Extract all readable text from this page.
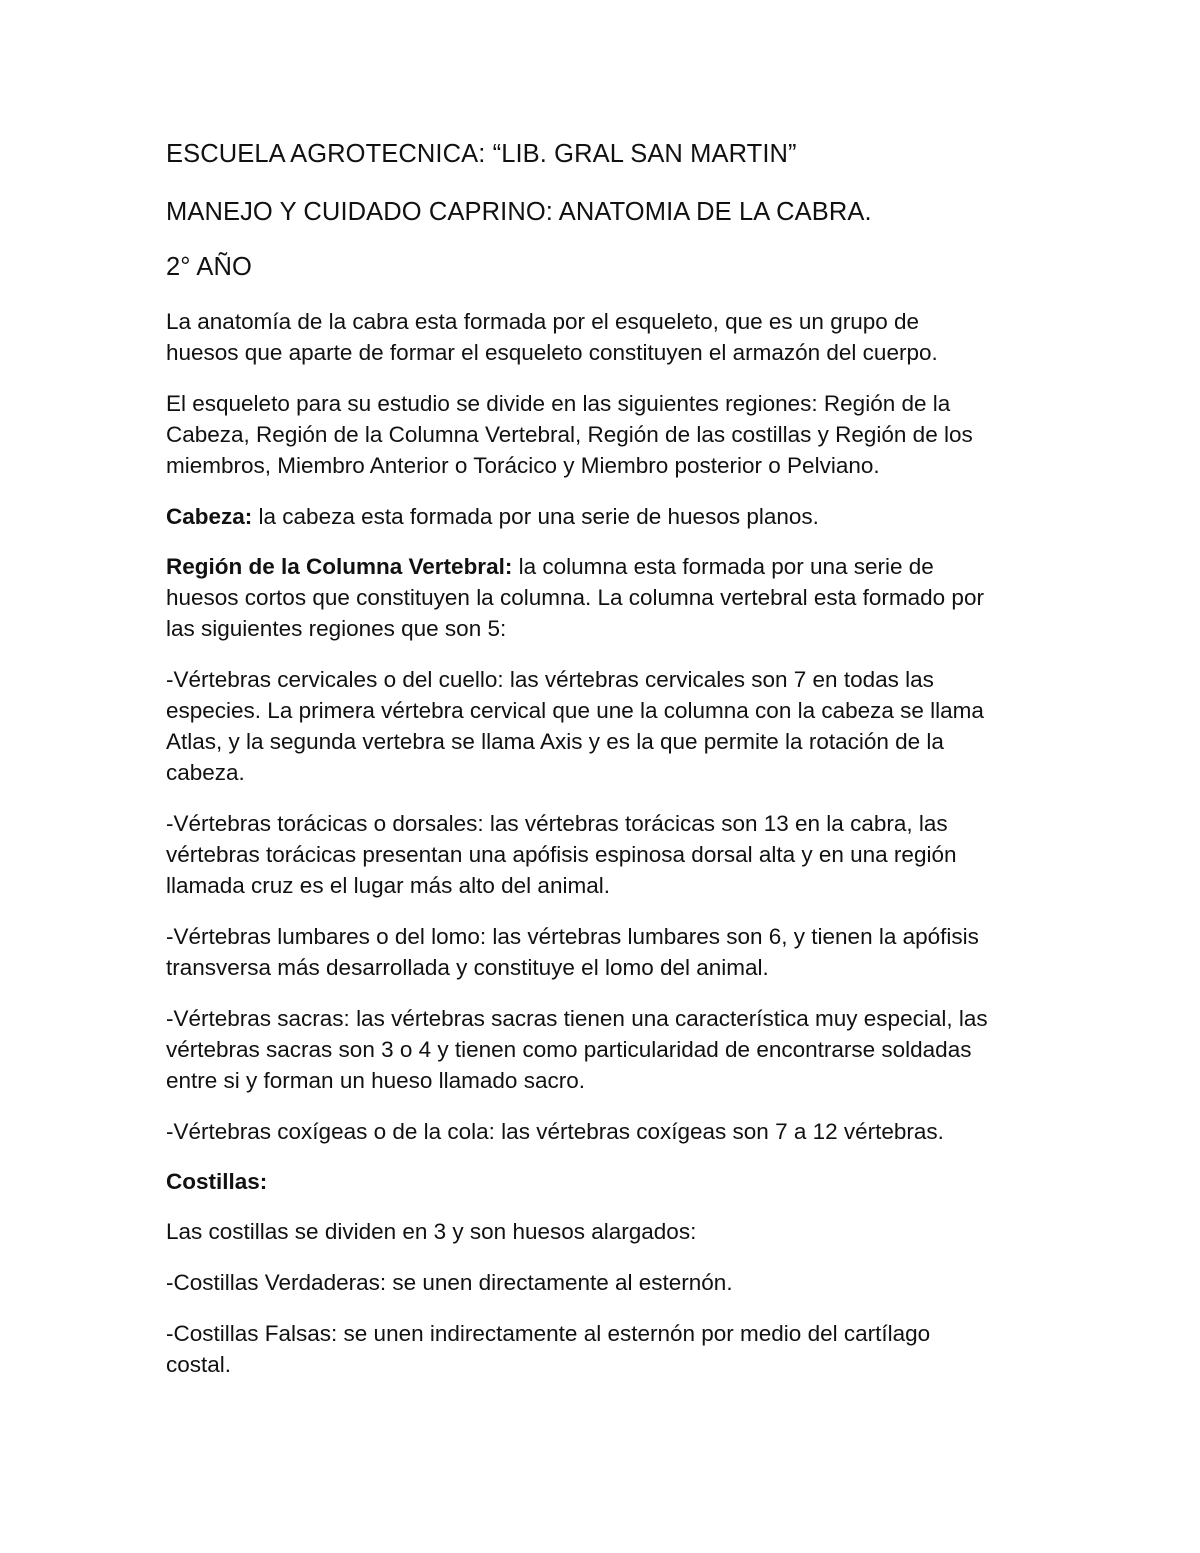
ESCUELA AGROTECNICA: “LIB. GRAL SAN MARTIN”

MANEJO Y CUIDADO CAPRINO: ANATOMIA DE LA CABRA.

2° AÑO

La anatomía de la cabra esta formada por el esqueleto, que es un grupo de

huesos que aparte de formar el esqueleto constituyen el armazón del cuerpo.

El esqueleto para su estudio se divide en las siguientes regiones: Región de la

Cabeza, Región de la Columna Vertebral, Región de las costillas y Región de los

miembros, Miembro Anterior o Torácico y Miembro posterior o Pelviano.

Cabeza: la cabeza esta formada por una serie de huesos planos.

Región de la Columna Vertebral: la columna esta formada por una serie de

huesos cortos que constituyen la columna. La columna vertebral esta formado por

las siguientes regiones que son 5:

-Vértebras cervicales o del cuello: las vértebras cervicales son 7 en todas las

especies. La primera vértebra cervical que une la columna con la cabeza se llama

Atlas, y la segunda vertebra se llama Axis y es la que permite la rotación de la

cabeza.

-Vértebras torácicas o dorsales: las vértebras torácicas son 13 en la cabra, las

vértebras torácicas presentan una apófisis espinosa dorsal alta y en una región

llamada cruz es el lugar más alto del animal.

-Vértebras lumbares o del lomo: las vértebras lumbares son 6, y tienen la apófisis

transversa más desarrollada y constituye el lomo del animal.

-Vértebras sacras: las vértebras sacras tienen una característica muy especial, las

vértebras sacras son 3 o 4 y tienen como particularidad de encontrarse soldadas

entre si y forman un hueso llamado sacro.

-Vértebras coxígeas o de la cola: las vértebras coxígeas son 7 a 12 vértebras.

Costillas:

Las costillas se dividen en 3 y son huesos alargados:

-Costillas Verdaderas: se unen directamente al esternón.

-Costillas Falsas: se unen indirectamente al esternón por medio del cartílago

costal.
